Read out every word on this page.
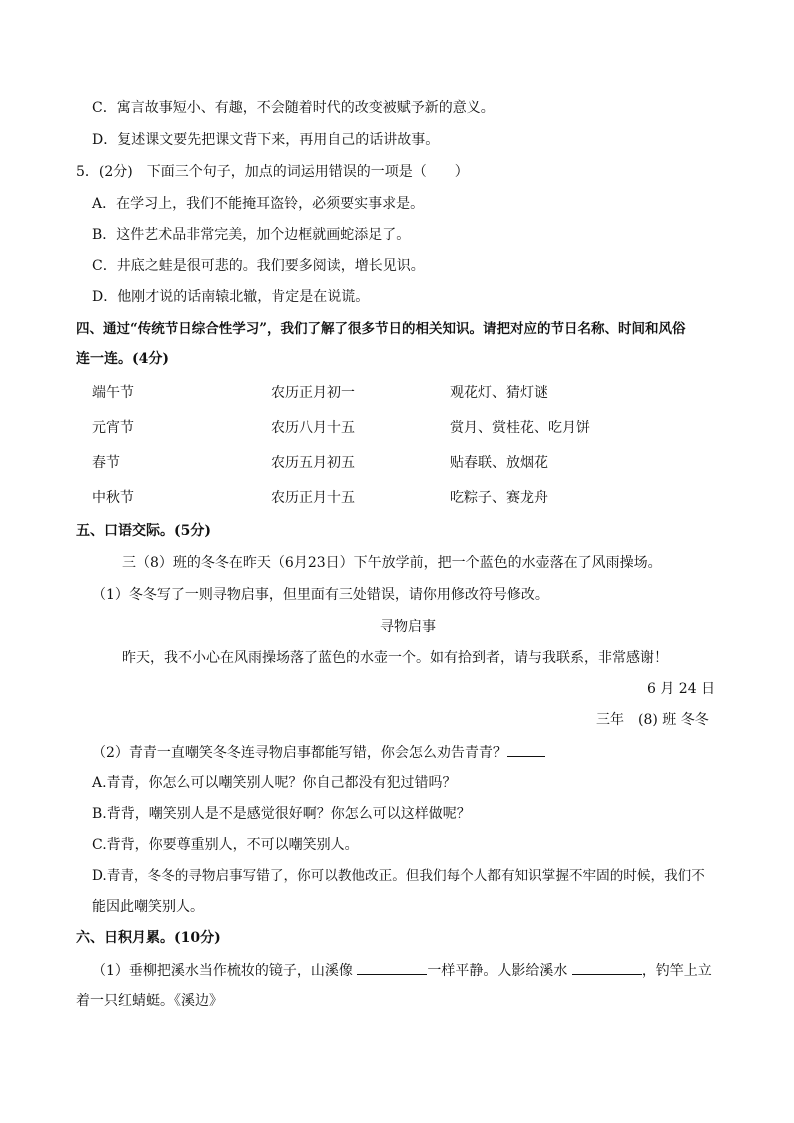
C．寓言故事短小、有趣，不会随着时代的改变被赋予新的意义。
D．复述课文要先把课文背下来，再用自己的话讲故事。
5．(2分)　下面三个句子，加点的词运用错误的一项是（　　）
A．在学习上，我们不能掩耳盗铃，必须要实事求是。
B．这件艺术品非常完美，加个边框就画蛇添足了。
C．井底之蛙是很可悲的。我们要多阅读，增长见识。
D．他刚才说的话南辕北辙，肯定是在说谎。
四、通过“传统节日综合性学习”，我们了解了很多节日的相关知识。请把对应的节日名称、时间和风俗
连一连。(4分)
端午节	农历正月初一	观花灯、猜灯谜
元宵节	农历八月十五	赏月、赏桂花、吃月饼
春节	农历五月初五	贴春联、放烟花
中秋节	农历正月十五	吃粽子、赛龙舟
五、口语交际。(5分)
三（8）班的冬冬在昨天（6月23日）下午放学前，把一个蓝色的水壶落在了风雨操场。
（1）冬冬写了一则寻物启事，但里面有三处错误，请你用修改符号修改。
寻物启事
昨天，我不小心在风雨操场落了蓝色的水壶一个。如有拾到者，请与我联系，非常感谢！
6 月 24 日
三年　(8) 班 冬冬
（2）青青一直嘲笑冬冬连寻物启事都能写错，你会怎么劝告青青？
A.青青，你怎么可以嘲笑别人呢？你自己都没有犯过错吗？
B.背背，嘲笑别人是不是感觉很好啊？你怎么可以这样做呢？
C.背背，你要尊重别人，不可以嘲笑别人。
D.青青，冬冬的寻物启事写错了，你可以教他改正。但我们每个人都有知识掌握不牢固的时候，我们不
能因此嘲笑别人。
六、日积月累。(10分)
（1）垂柳把溪水当作梳妆的镜子，山溪像	一样平静。人影给溪水	，钓竿上立
着一只红蜻蜓。《溪边》
